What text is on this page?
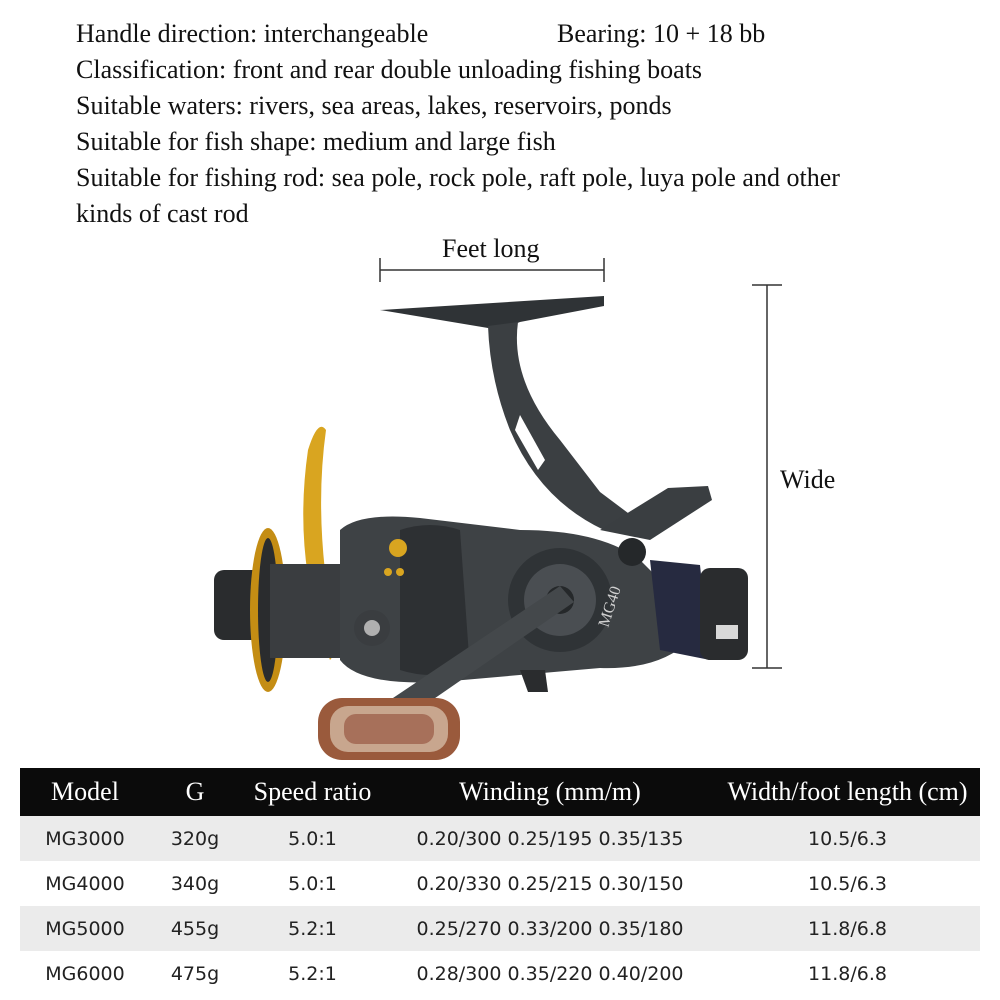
Handle direction: interchangeable	Bearing: 10 + 18 bb
Classification: front and rear double unloading fishing boats
Suitable waters: rivers, sea areas, lakes, reservoirs, ponds
Suitable for fish shape: medium and large fish
Suitable for fishing rod: sea pole, rock pole, raft pole, luya pole and other
kinds of cast rod
Feet long
Wide
MG40
Model	G	Speed ratio	Winding (mm/m)	Width/foot length (cm)
MG3000	320g	5.0:1	0.20/300 0.25/195 0.35/135	10.5/6.3
MG4000	340g	5.0:1	0.20/330 0.25/215 0.30/150	10.5/6.3
MG5000	455g	5.2:1	0.25/270 0.33/200 0.35/180	11.8/6.8
MG6000	475g	5.2:1	0.28/300 0.35/220 0.40/200	11.8/6.8
